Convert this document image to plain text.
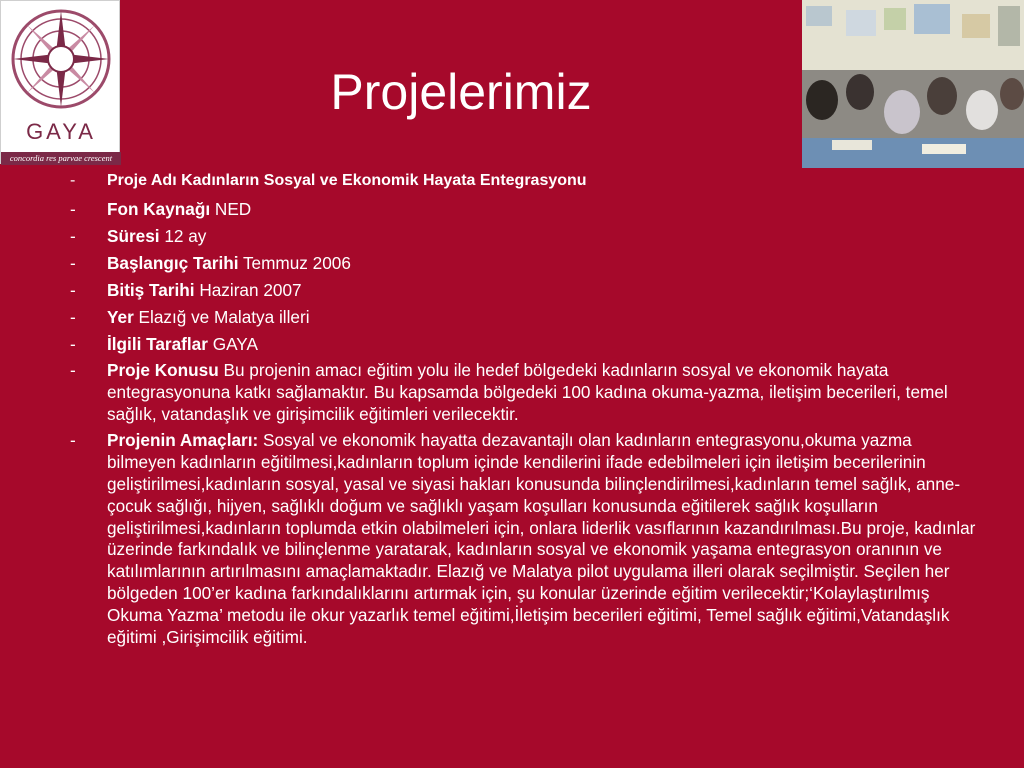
GAYA
concordia res parvae crescent
Projelerimiz
- Proje Adı Kadınların Sosyal ve Ekonomik Hayata Entegrasyonu
- Fon Kaynağı NED
- Süresi 12 ay
- Başlangıç Tarihi Temmuz 2006
- Bitiş Tarihi Haziran 2007
- Yer Elazığ ve Malatya illeri
- İlgili Taraflar GAYA
- Proje Konusu Bu projenin amacı eğitim yolu ile hedef bölgedeki kadınların sosyal ve ekonomik hayata entegrasyonuna katkı sağlamaktır. Bu kapsamda bölgedeki 100 kadına okuma-yazma, iletişim becerileri, temel sağlık, vatandaşlık ve girişimcilik eğitimleri verilecektir.
- Projenin Amaçları: Sosyal ve ekonomik hayatta dezavantajlı olan kadınların entegrasyonu,okuma yazma bilmeyen kadınların eğitilmesi,kadınların toplum içinde kendilerini ifade edebilmeleri için iletişim becerilerinin geliştirilmesi,kadınların sosyal, yasal ve siyasi hakları konusunda bilinçlendirilmesi,kadınların temel sağlık, anne-çocuk sağlığı, hijyen, sağlıklı doğum ve sağlıklı yaşam koşulları konusunda eğitilerek sağlık koşulların geliştirilmesi,kadınların toplumda etkin olabilmeleri için, onlara liderlik vasıflarının kazandırılması.Bu proje, kadınlar üzerinde farkındalık ve bilinçlenme yaratarak, kadınların sosyal ve ekonomik yaşama entegrasyon oranının ve katılımlarının artırılmasını amaçlamaktadır. Elazığ ve Malatya pilot uygulama illeri olarak seçilmiştir. Seçilen her bölgeden 100’er kadına farkındalıklarını artırmak için, şu konular üzerinde eğitim verilecektir;‘Kolaylaştırılmış Okuma Yazma’ metodu ile okur yazarlık temel eğitimi,İletişim becerileri eğitimi, Temel sağlık eğitimi,Vatandaşlık eğitimi ,Girişimcilik eğitimi.
